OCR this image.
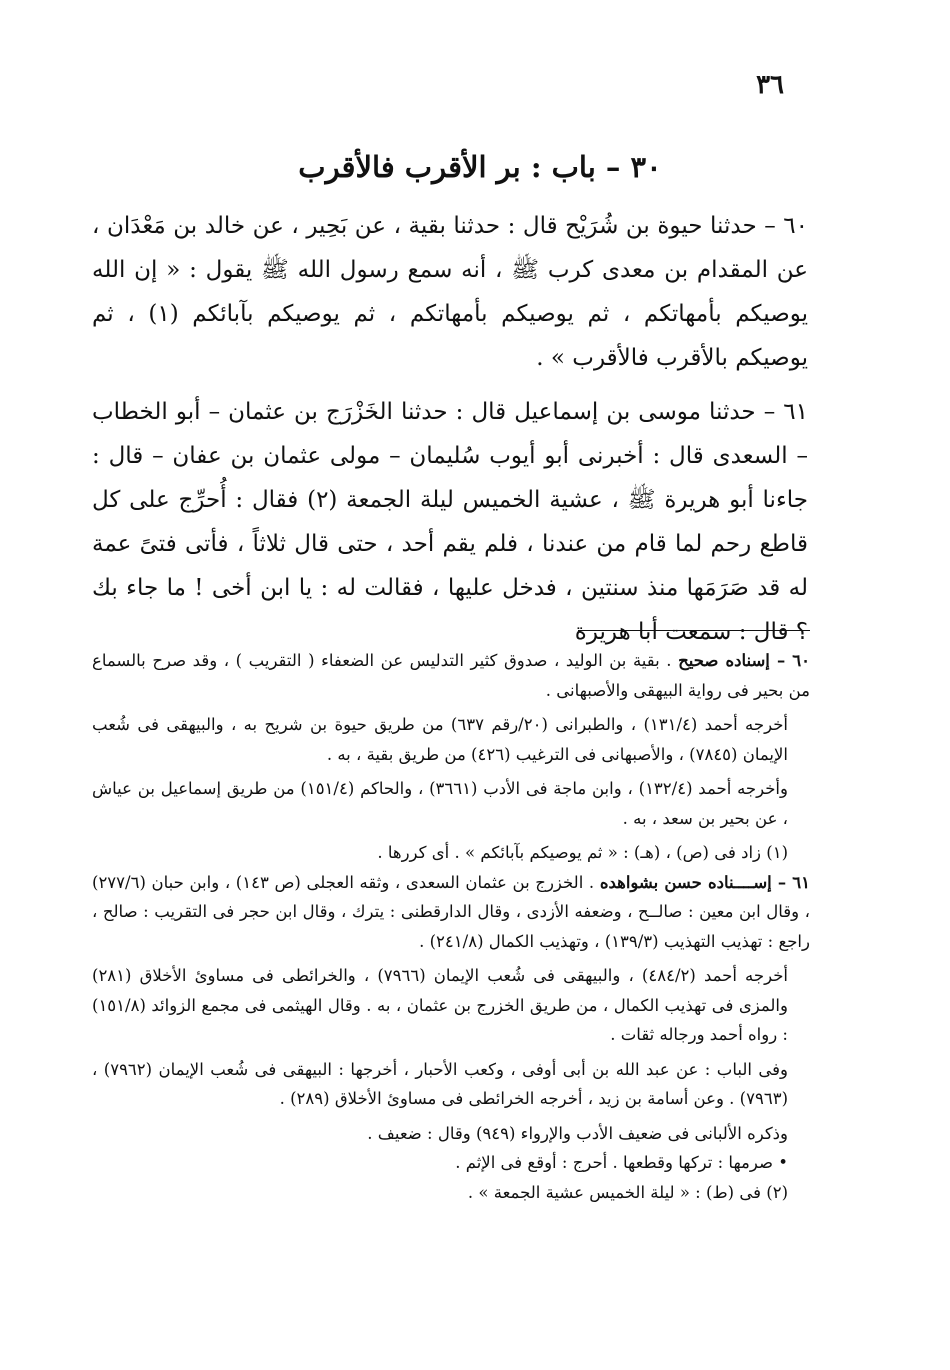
٣٦
٣٠ – باب : بر الأقرب فالأقرب

٦٠ – حدثنا حيوة بن شُرَيْح قال : حدثنا بقية ، عن بَحِير ، عن خالد بن مَعْدَان ، عن المقدام بن معدى كرب ﷺ ، أنه سمع رسول الله ﷺ يقول : « إن الله يوصيكم بأمهاتكم ، ثم يوصيكم بأمهاتكم ، ثم يوصيكم بآبائكم (١) ، ثم يوصيكم بالأقرب فالأقرب » .

٦١ – حدثنا موسى بن إسماعيل قال : حدثنا الخَزْرَج بن عثمان – أبو الخطاب – السعدى قال : أخبرنى أبو أيوب سُليمان – مولى عثمان بن عفان – قال : جاءنا أبو هريرة ﷺ ، عشية الخميس ليلة الجمعة (٢) فقال : أُحرِّج على كل قاطع رحم لما قام من عندنا ، فلم يقم أحد ، حتى قال ثلاثاً ، فأتى فتىً عمة له قد صَرَمَها منذ سنتين ، فدخل عليها ، فقالت له : يا ابن أخى ! ما جاء بك ؟ قال : سمعت أبا هريرة

٦٠ – إسناده صحيح . بقية بن الوليد ، صدوق كثير التدليس عن الضعفاء ( التقريب ) ، وقد صرح بالسماع من بحير فى رواية البيهقى والأصبهانى .
أخرجه أحمد (١٣١/٤) ، والطبرانى (٢٠/رقم ٦٣٧) من طريق حيوة بن شريح به ، والبيهقى فى شُعب الإيمان (٧٨٤٥) ، والأصبهانى فى الترغيب (٤٢٦) من طريق بقية ، به .
وأخرجه أحمد (١٣٢/٤) ، وابن ماجة فى الأدب (٣٦٦١) ، والحاكم (١٥١/٤) من طريق إسماعيل بن عياش ، عن بحير بن سعد ، به .
(١) زاد فى (ص) ، (هـ) : « ثم يوصيكم بآبائكم » . أى كررها .
٦١ – إســــناده حسن بشواهده . الخزرج بن عثمان السعدى ، وثقه العجلى (ص ١٤٣) ، وابن حبان (٢٧٧/٦) ، وقال ابن معين : صالــح ، وضعفه الأزدى ، وقال الدارقطنى : يترك ، وقال ابن حجر فى التقريب : صالح ، راجع : تهذيب التهذيب (١٣٩/٣) ، وتهذيب الكمال (٢٤١/٨) .
أخرجه أحمد (٤٨٤/٢) ، والبيهقى فى شُعب الإيمان (٧٩٦٦) ، والخرائطى فى مساوئ الأخلاق (٢٨١) والمزى فى تهذيب الكمال ، من طريق الخزرج بن عثمان ، به . وقال الهيثمى فى مجمع الزوائد (١٥١/٨) : رواه أحمد ورجاله ثقات .
وفى الباب : عن عبد الله بن أبى أوفى ، وكعب الأحبار ، أخرجها : البيهقى فى شُعب الإيمان (٧٩٦٢) ، (٧٩٦٣) . وعن أسامة بن زيد ، أخرجه الخرائطى فى مساوئ الأخلاق (٢٨٩) .
وذكره الألبانى فى ضعيف الأدب والإرواء (٩٤٩) وقال : ضعيف .
• صرمها : تركها وقطعها . أحرج : أوقع فى الإثم .
(٢) فى (ط) : « ليلة الخميس عشية الجمعة » .
